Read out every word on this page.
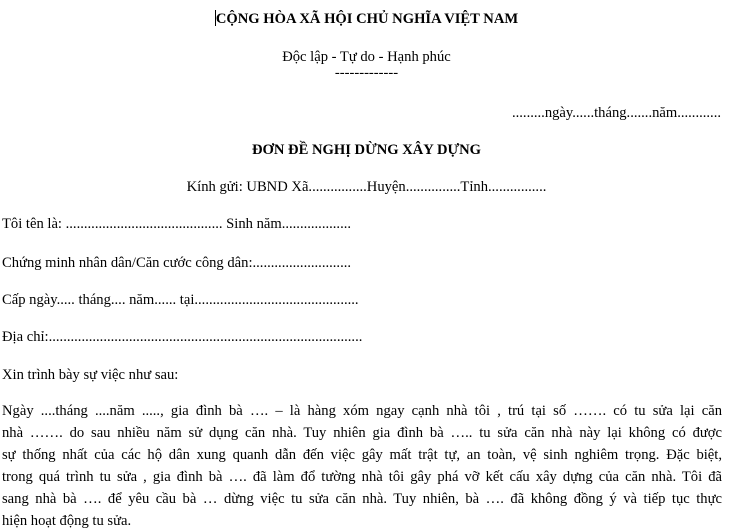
CỘNG HÒA XÃ HỘI CHỦ NGHĨA VIỆT NAM
Độc lập - Tự do - Hạnh phúc
-------------
.........ngày......tháng.......năm............
ĐƠN ĐỀ NGHỊ DỪNG XÂY DỰNG
Kính gửi: UBND Xã................Huyện...............Tỉnh................
Tôi tên là: ........................................... Sinh năm...................
Chứng minh nhân dân/Căn cước công dân:...........................
Cấp ngày..... tháng.... năm...... tại.............................................
Địa chỉ:......................................................................................
Xin trình bày sự việc như sau:
Ngày ....tháng ....năm ....., gia đình bà …. – là hàng xóm ngay cạnh nhà tôi , trú tại số ……. có tu sửa lại căn
nhà ……. do sau nhiều năm sử dụng căn nhà. Tuy nhiên gia đình bà ….. tu sửa căn nhà này lại không có được
sự thống nhất của các hộ dân xung quanh dẫn đến việc gây mất trật tự, an toàn, vệ sinh nghiêm trọng. Đặc biệt,
trong quá trình tu sửa , gia đình bà …. đã làm đổ tường nhà tôi gây phá vỡ kết cấu xây dựng của căn nhà. Tôi đã
sang nhà bà …. để yêu cầu bà … dừng việc tu sửa căn nhà. Tuy nhiên, bà …. đã không đồng ý và tiếp tục thực
hiện hoạt động tu sửa.
